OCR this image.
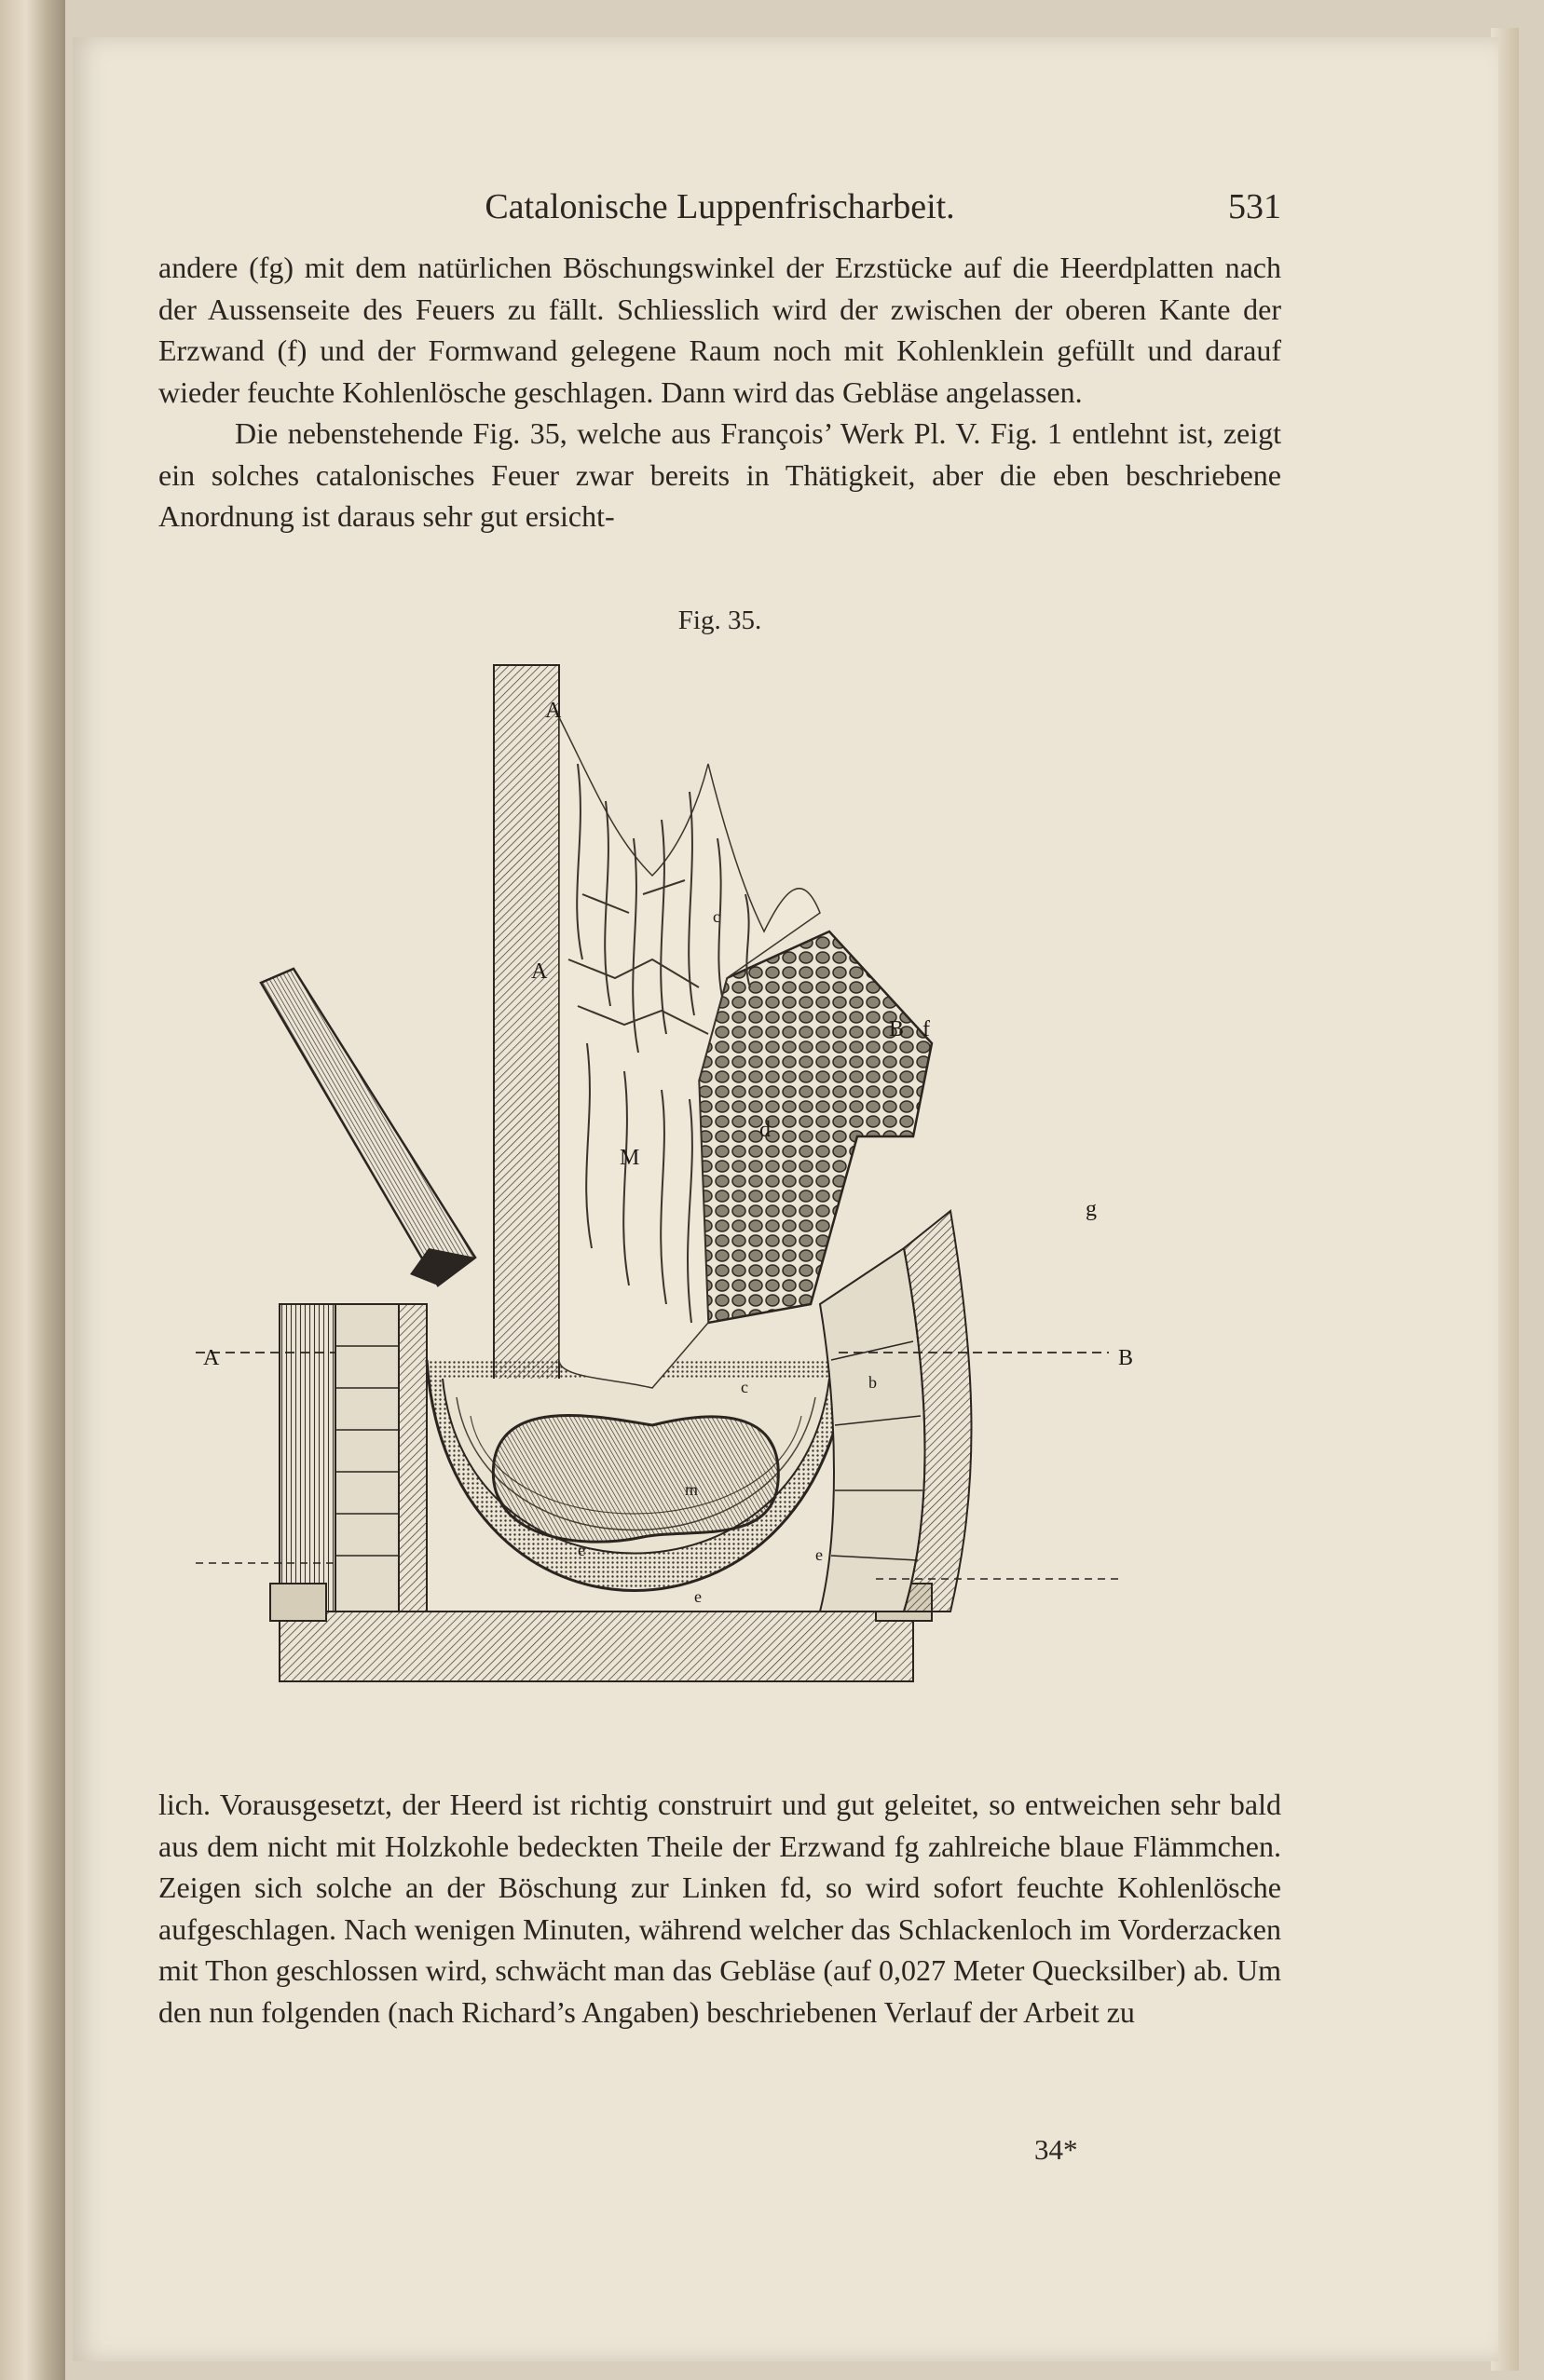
Catalonische Luppenfrischarbeit.	531

andere (fg) mit dem natürlichen Böschungswinkel der Erzstücke auf die Heerdplatten nach der Aussenseite des Feuers zu fällt. Schliesslich wird der zwischen der oberen Kante der Erzwand (f) und der Formwand gelegene Raum noch mit Kohlenklein gefüllt und darauf wieder feuchte Kohlenlösche geschlagen. Dann wird das Gebläse angelassen.

Die nebenstehende Fig. 35, welche aus François’ Werk Pl. V. Fig. 1 entlehnt ist, zeigt ein solches catalonisches Feuer zwar bereits in Thätigkeit, aber die eben beschriebene Anordnung ist daraus sehr gut ersicht-

Fig. 35.
A
A
A	B
B f
g
M
d
c
c	b
m
e	e
e

lich. Vorausgesetzt, der Heerd ist richtig construirt und gut geleitet, so entweichen sehr bald aus dem nicht mit Holzkohle bedeckten Theile der Erzwand fg zahlreiche blaue Flämmchen. Zeigen sich solche an der Böschung zur Linken fd, so wird sofort feuchte Kohlenlösche aufgeschlagen. Nach wenigen Minuten, während welcher das Schlackenloch im Vorderzacken mit Thon geschlossen wird, schwächt man das Gebläse (auf 0,027 Meter Quecksilber) ab. Um den nun folgenden (nach Richard’s Angaben) beschriebenen Verlauf der Arbeit zu

34*
